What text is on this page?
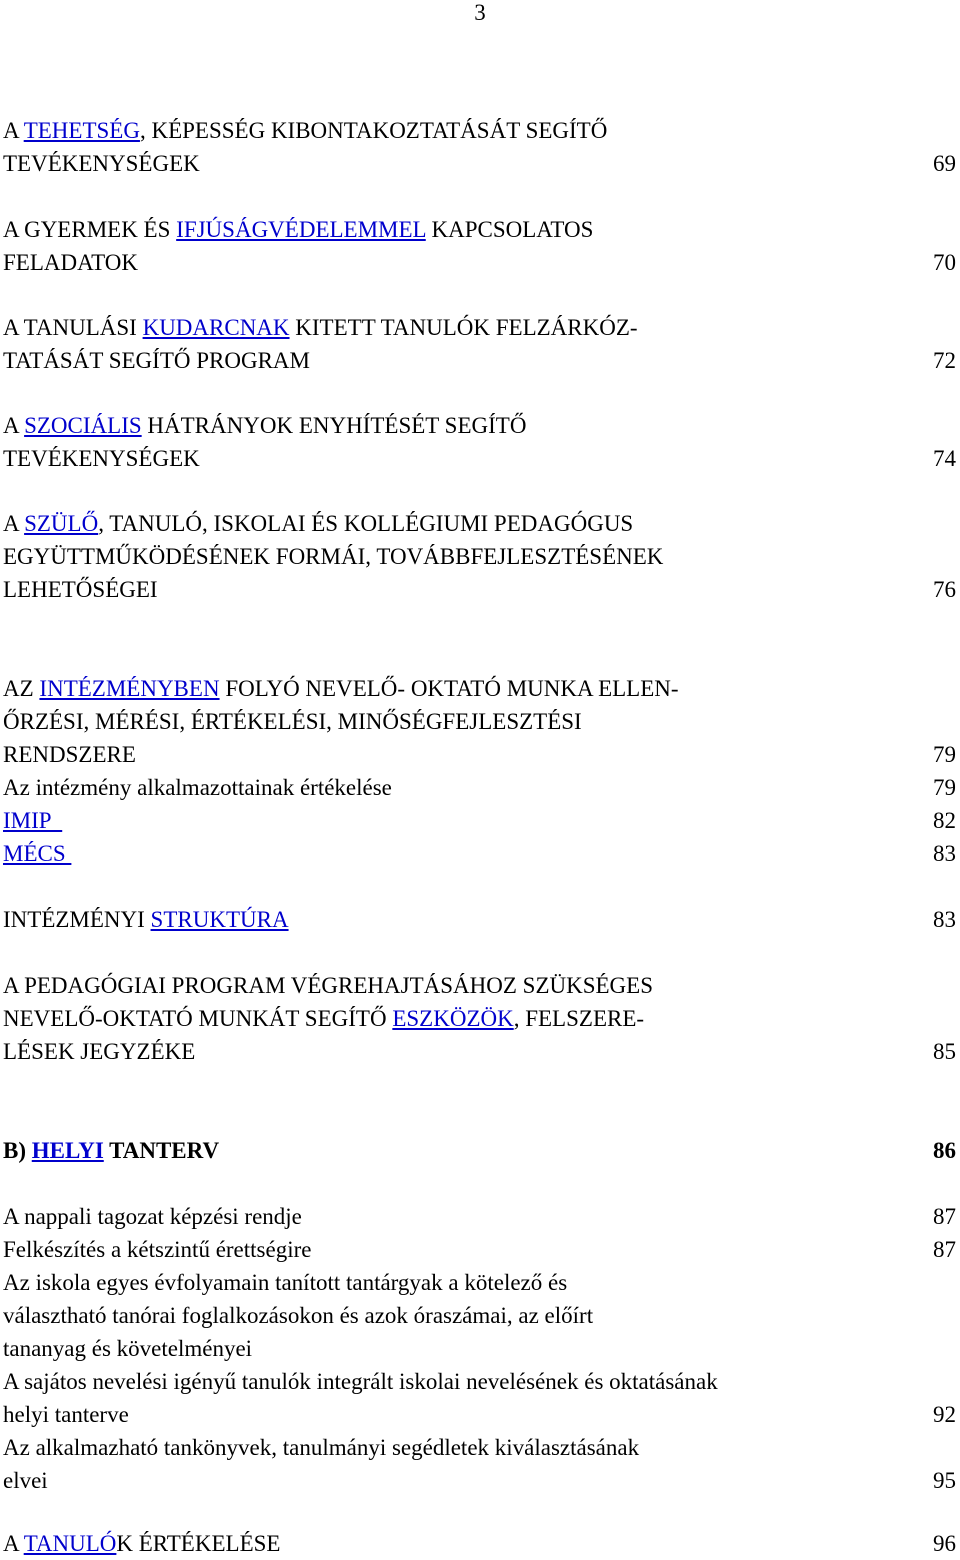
3
A TEHETSÉG, KÉPESSÉG KIBONTAKOZTATÁSÁT SEGÍTŐ
TEVÉKENYSÉGEK	69
A GYERMEK ÉS IFJÚSÁGVÉDELEMMEL KAPCSOLATOS
FELADATOK	70
A TANULÁSI KUDARCNAK KITETT TANULÓK FELZÁRKÓZ-
TATÁSÁT SEGÍTŐ PROGRAM	72
A SZOCIÁLIS HÁTRÁNYOK ENYHÍTÉSÉT SEGÍTŐ
TEVÉKENYSÉGEK	74
A SZÜLŐ, TANULÓ, ISKOLAI ÉS KOLLÉGIUMI PEDAGÓGUS
EGYÜTTMŰKÖDÉSÉNEK FORMÁI, TOVÁBBFEJLESZTÉSÉNEK
LEHETŐSÉGEI	76
AZ INTÉZMÉNYBEN FOLYÓ NEVELŐ- OKTATÓ MUNKA ELLEN-
ŐRZÉSI, MÉRÉSI, ÉRTÉKELÉSI, MINŐSÉGFEJLESZTÉSI
RENDSZERE	79
Az intézmény alkalmazottainak értékelése	79
IMIP	82
MÉCS	83
INTÉZMÉNYI STRUKTÚRA	83
A PEDAGÓGIAI PROGRAM VÉGREHAJTÁSÁHOZ SZÜKSÉGES
NEVELŐ-OKTATÓ MUNKÁT SEGÍTŐ ESZKÖZÖK, FELSZERE-
LÉSEK JEGYZÉKE	85
B) HELYI TANTERV	86
A nappali tagozat képzési rendje	87
Felkészítés a kétszintű érettségire	87
Az iskola egyes évfolyamain tanított tantárgyak a kötelező és
választható tanórai foglalkozásokon és azok óraszámai, az előírt
tananyag és követelményei
A sajátos nevelési igényű tanulók integrált iskolai nevelésének és oktatásának
helyi tanterve	92
Az alkalmazható tankönyvek, tanulmányi segédletek kiválasztásának
elvei	95
A TANULÓK ÉRTÉKELÉSE	96
